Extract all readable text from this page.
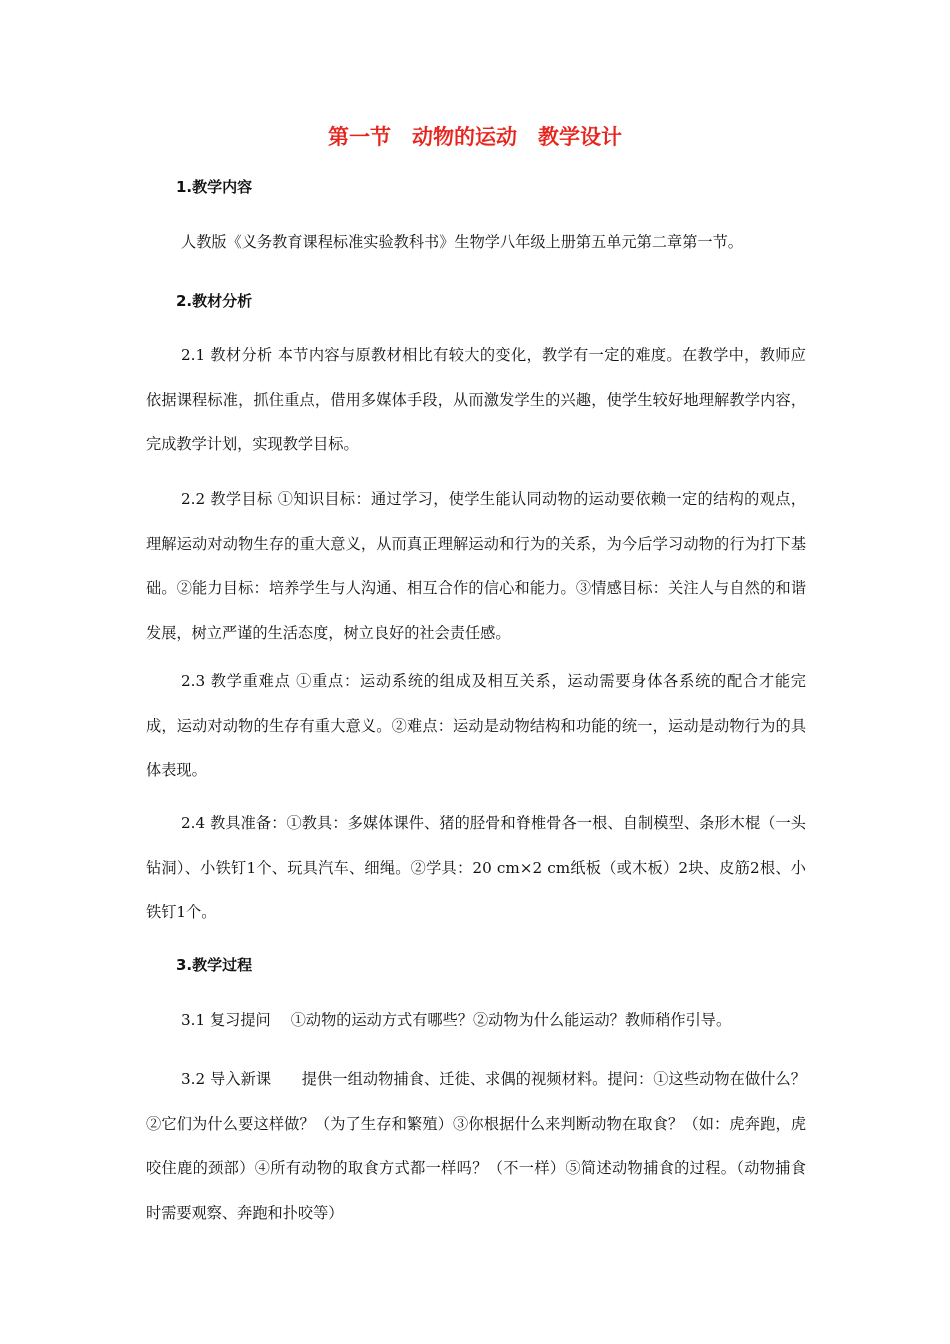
第一节　动物的运动　教学设计
1.教学内容
人教版《义务教育课程标准实验教科书》生物学八年级上册第五单元第二章第一节。
2.教材分析
2.1 教材分析 本节内容与原教材相比有较大的变化，教学有一定的难度。在教学中，教师应依据课程标准，抓住重点，借用多媒体手段，从而激发学生的兴趣，使学生较好地理解教学内容，完成教学计划，实现教学目标。
2.2 教学目标 ①知识目标：通过学习，使学生能认同动物的运动要依赖一定的结构的观点，理解运动对动物生存的重大意义，从而真正理解运动和行为的关系，为今后学习动物的行为打下基础。②能力目标：培养学生与人沟通、相互合作的信心和能力。③情感目标：关注人与自然的和谐发展，树立严谨的生活态度，树立良好的社会责任感。
2.3 教学重难点 ①重点：运动系统的组成及相互关系，运动需要身体各系统的配合才能完成，运动对动物的生存有重大意义。②难点：运动是动物结构和功能的统一，运动是动物行为的具体表现。
2.4 教具准备：①教具：多媒体课件、猪的胫骨和脊椎骨各一根、自制模型、条形木棍（一头钻洞）、小铁钉1个、玩具汽车、细绳。②学具：20 cm×2 cm纸板（或木板）2块、皮筋2根、小铁钉1个。
3.教学过程
3.1 复习提问　 ①动物的运动方式有哪些？②动物为什么能运动？教师稍作引导。
3.2 导入新课　　提供一组动物捕食、迁徙、求偶的视频材料。提问：①这些动物在做什么？②它们为什么要这样做？（为了生存和繁殖）③你根据什么来判断动物在取食？（如：虎奔跑，虎咬住鹿的颈部）④所有动物的取食方式都一样吗？（不一样）⑤简述动物捕食的过程。（动物捕食时需要观察、奔跑和扑咬等）
